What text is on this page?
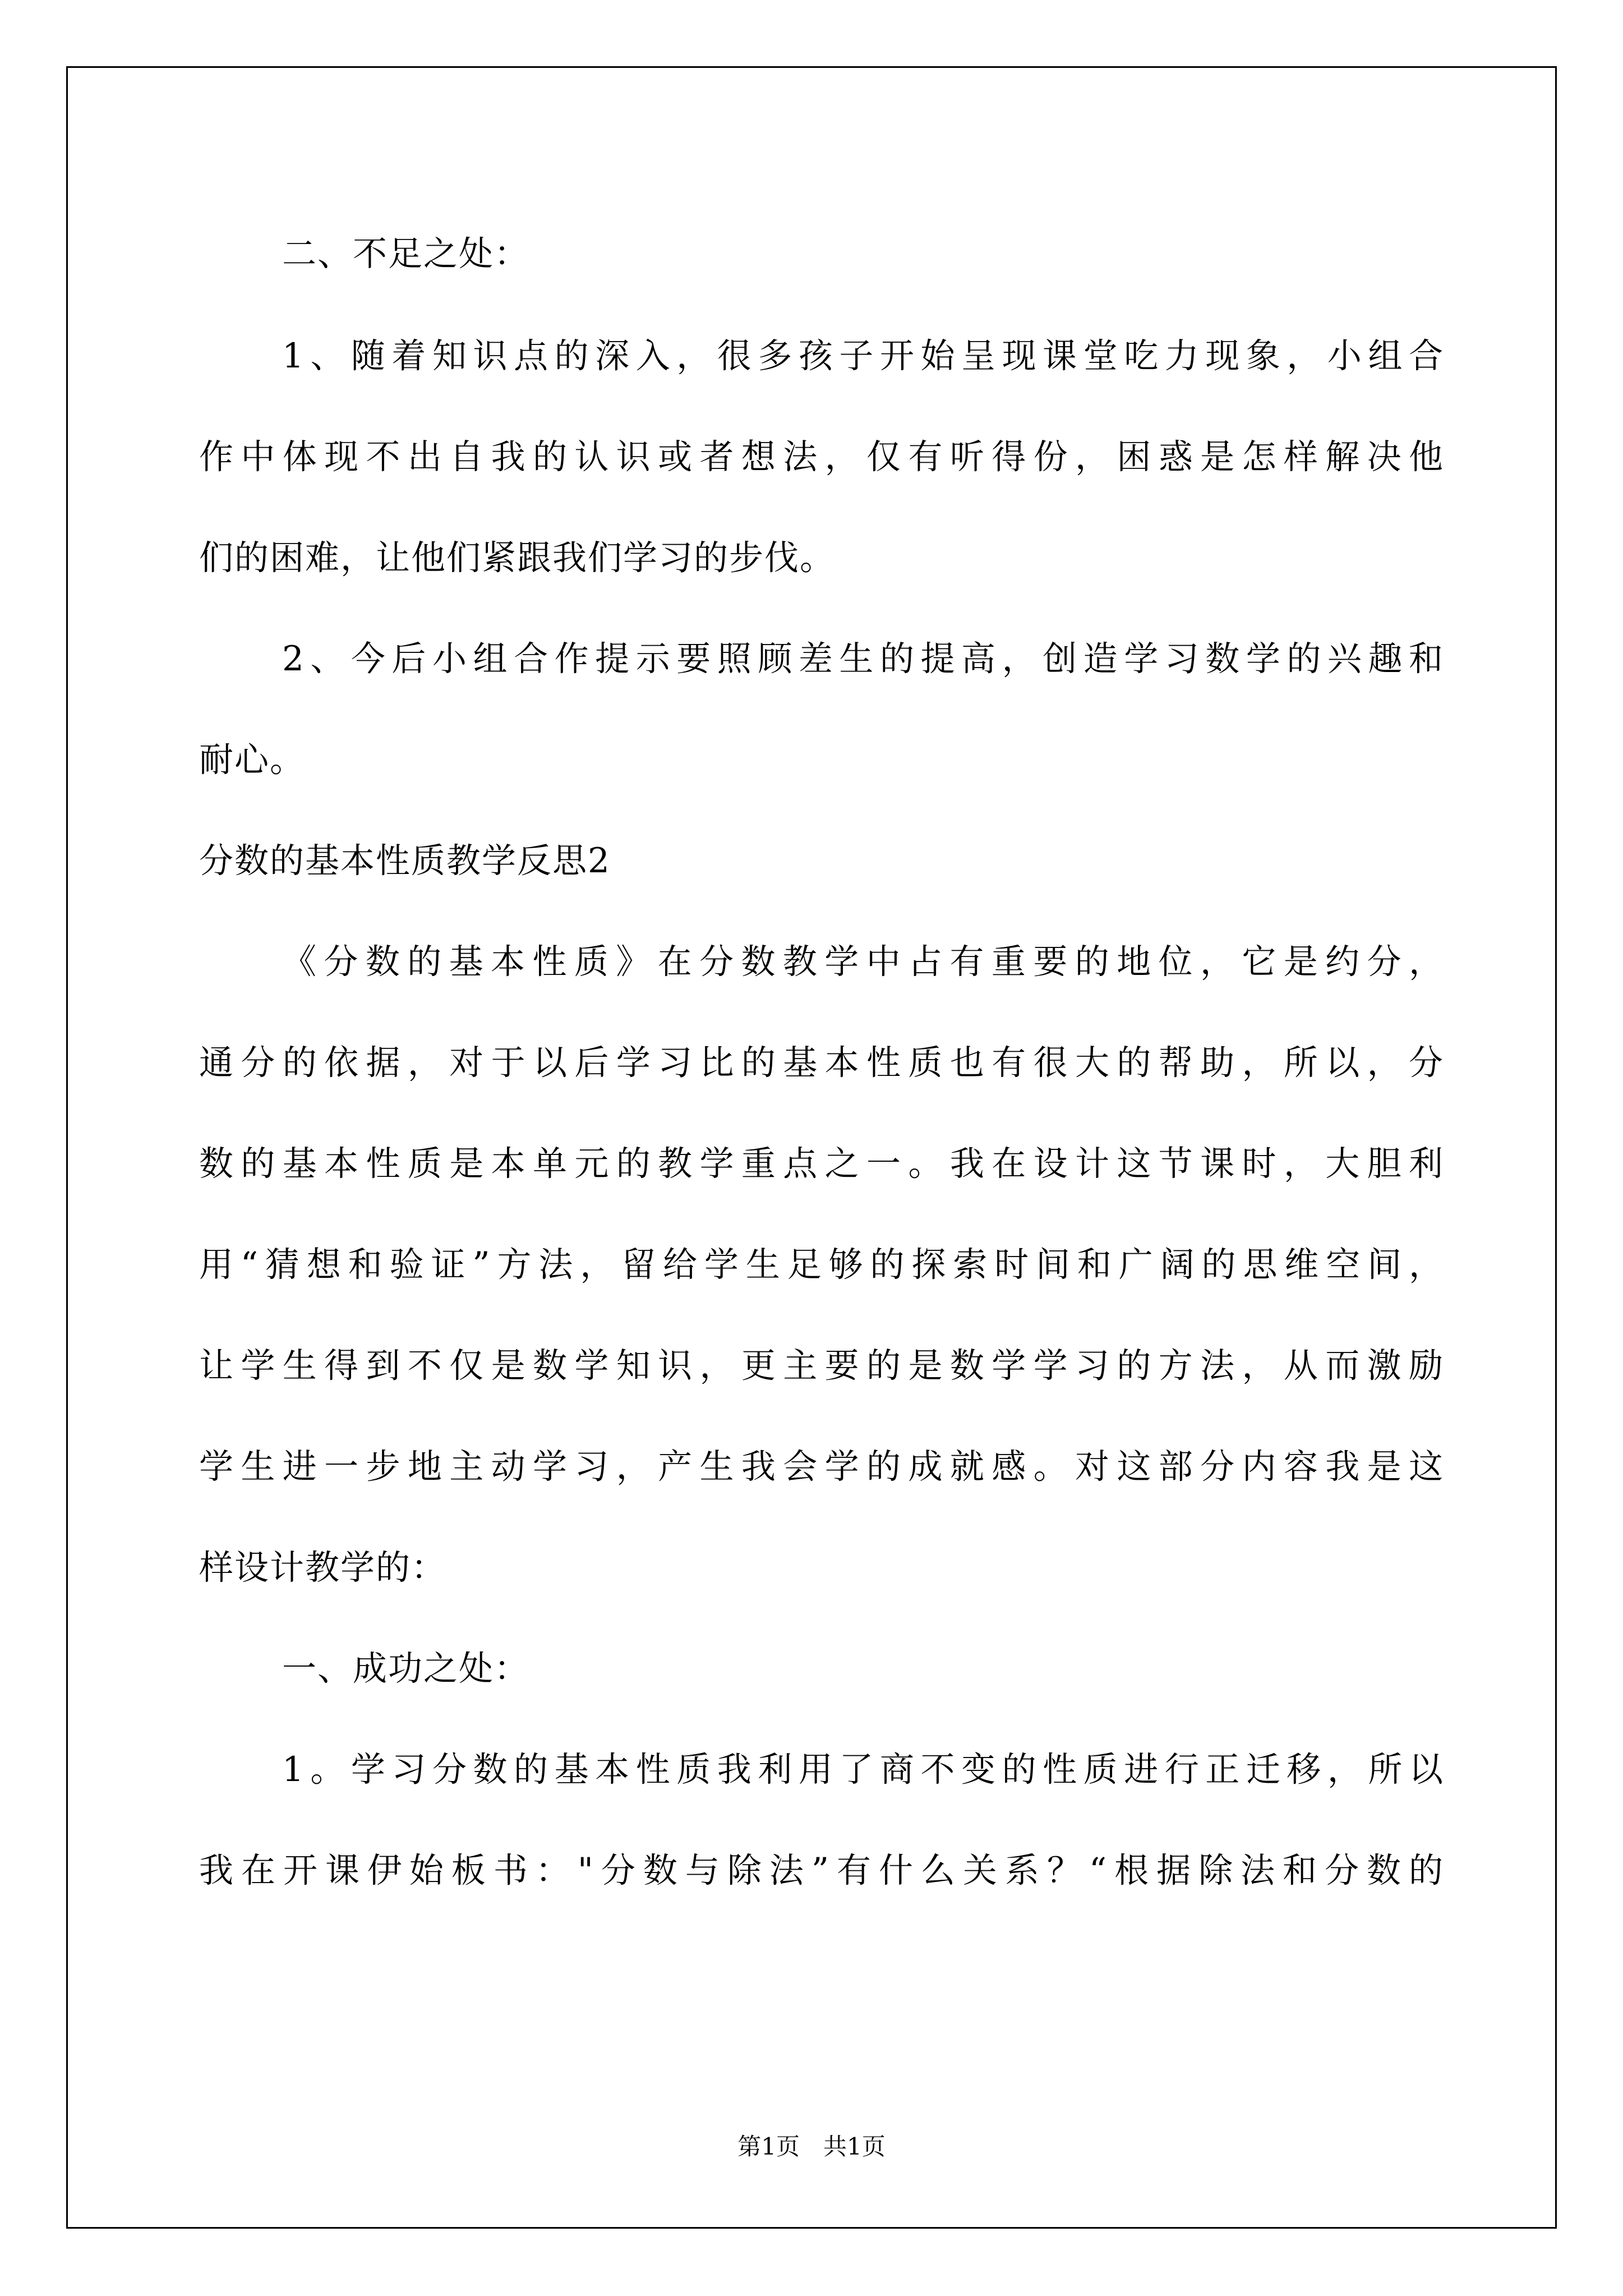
二、不足之处：
1、随着知识点的深入，很多孩子开始呈现课堂吃力现象，小组合
作中体现不出自我的认识或者想法，仅有听得份，困惑是怎样解决他
们的困难，让他们紧跟我们学习的步伐。
2、今后小组合作提示要照顾差生的提高，创造学习数学的兴趣和
耐心。
分数的基本性质教学反思2
《分数的基本性质》在分数教学中占有重要的地位，它是约分，
通分的依据，对于以后学习比的基本性质也有很大的帮助，所以，分
数的基本性质是本单元的教学重点之一。我在设计这节课时，大胆利
用“猜想和验证”方法，留给学生足够的探索时间和广阔的思维空间，
让学生得到不仅是数学知识，更主要的是数学学习的方法，从而激励
学生进一步地主动学习，产生我会学的成就感。对这部分内容我是这
样设计教学的：
一、成功之处：
1。学习分数的基本性质我利用了商不变的性质进行正迁移，所以
我在开课伊始板书："分数与除法”有什么关系？“根据除法和分数的
第1页　共1页
